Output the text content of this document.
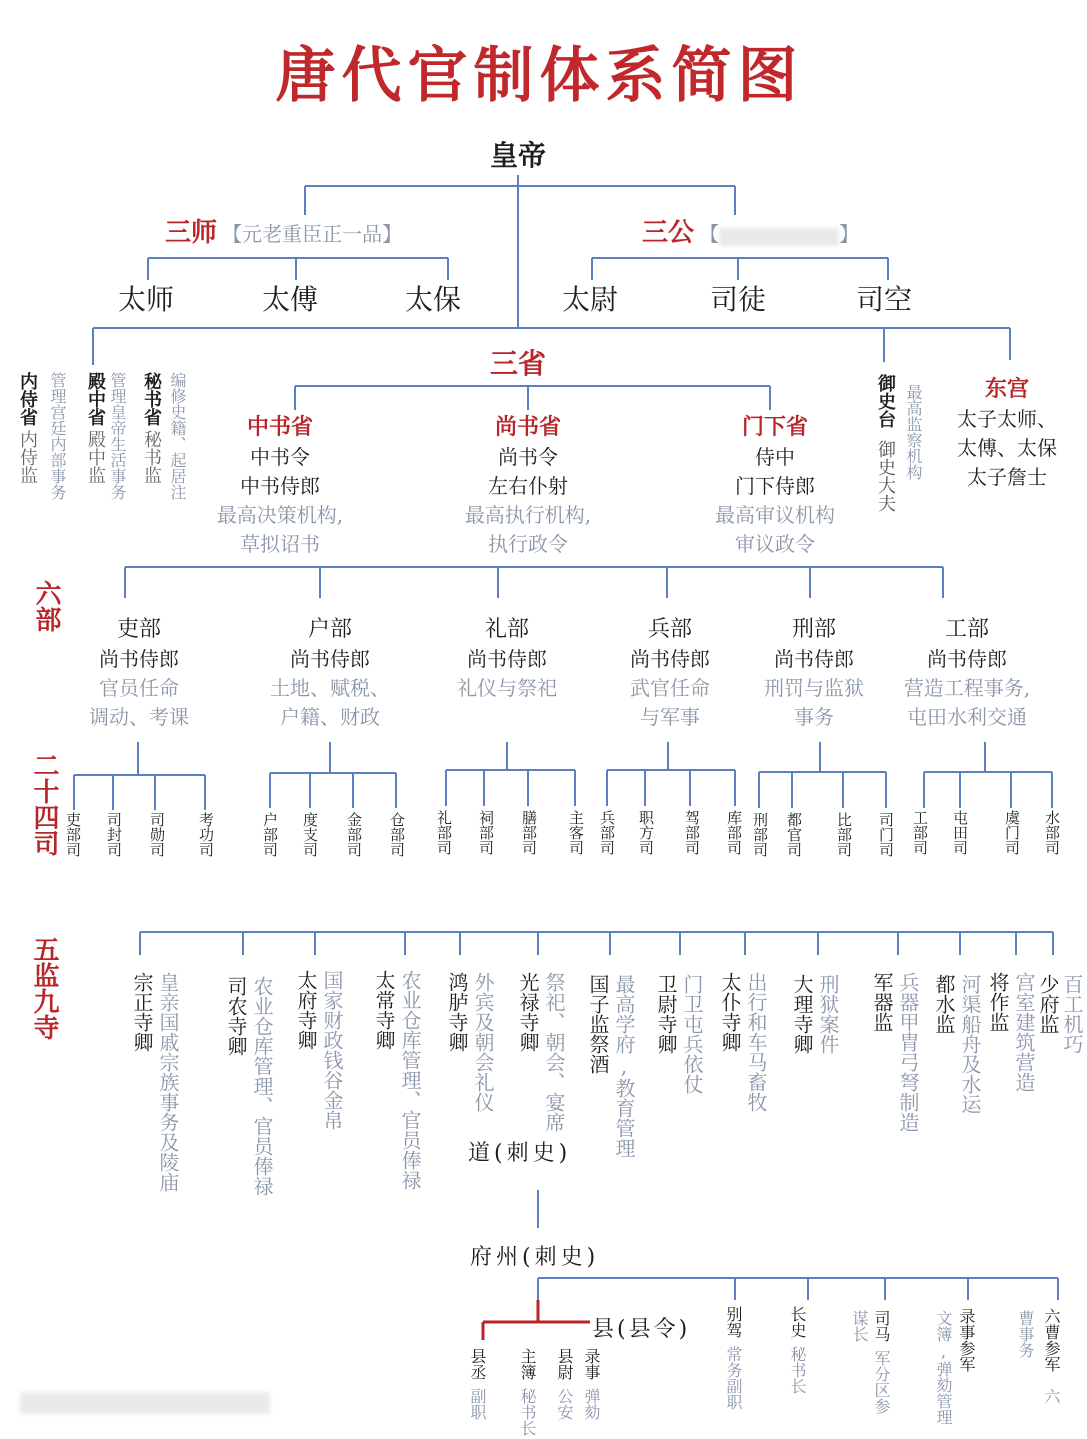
唐代官制体系简图
皇帝
三师 【元老重臣正一品】
太师	太傅	太保
三公 【	】
太尉	司徒	司空
三省
内侍省
内侍监 管理宫廷内部事务 殿中省
殿中监 管理皇帝生活事务 秘书省
秘书监 编修史籍、起居注	中书省
中书令
中书侍郎
最高决策机构,
草拟诏书
尚书省
尚书令
左右仆射
最高执行机构,
执行政令
门下省
侍中
门下侍郎
最高审议机构
审议政令
御史台
御史大夫 最高监察机构	东宫
太子太师、
太傅、太保
太子詹士
六部	吏部
尚书侍郎
官员任命
调动、考课
户部
尚书侍郎
土地、赋税、
户籍、财政
礼部
尚书侍郎
礼仪与祭祀
兵部
尚书侍郎
武官任命
与军事
刑部
尚书侍郎
刑罚与监狱
事务
工部
尚书侍郎
营造工程事务,
屯田水利交通
二十四司 吏部司 司封司 司勋司 考功司	户部司 度支司 金部司 仓部司 礼部司 祠部司 膳部司 主客司 兵部司 职方司 驾部司 库部司 刑部司 都官司 比部司 司门司 工部司 屯田司 虞门司 水部司
五监九寺	宗正寺卿 皇亲国戚宗族事务及陵庙 司农寺卿 农业仓库管理、官员俸禄 太府寺卿 国家财政钱谷金帛 太常寺卿 农业仓库管理、官员俸禄 鸿胪寺卿 外宾及朝会礼仪 光禄寺卿 祭祀、朝会、宴席 国子监祭酒 最高学府,教育管理 卫尉寺卿 门卫屯兵依仗 太仆寺卿 出行和车马畜牧 大理寺卿 刑狱案件 军器监 兵器甲胄弓弩制造 都水监 河渠船舟及水运 将作监 宫室建筑营造 少府监 百工机巧
道(刺史)
府州(刺史)
县(县令)
县丞
副职
主簿
秘书长
县尉
公安
录事
弹劾
别驾
常务副职
长史
秘书长
谋长 司马
军分区参
录事参军
文簿,弹劾管理	曹事务 六曹参军
六
